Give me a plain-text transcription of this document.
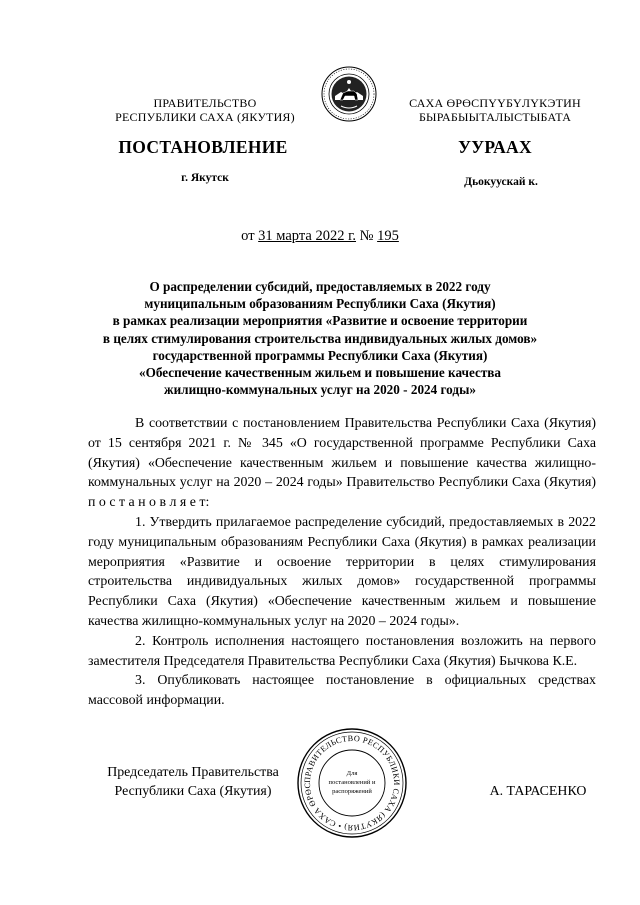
ПРАВИТЕЛЬСТВО
РЕСПУБЛИКИ САХА (ЯКУТИЯ)
САХА ӨРӨСПҮҮБҮЛҮКЭТИН
БЫРАБЫЫТАЛЫСТЫБАТА
ПОСТАНОВЛЕНИЕ	УУРААХ
г. Якутск	Дьокуускай к.
от 31 марта 2022 г. № 195
О распределении субсидий, предоставляемых в 2022 году
муниципальным образованиям Республики Саха (Якутия)
в рамках реализации мероприятия «Развитие и освоение территории
в целях стимулирования строительства индивидуальных жилых домов»
государственной программы Республики Саха (Якутия)
«Обеспечение качественным жильем и повышение качества
жилищно-коммунальных услуг на 2020 - 2024 годы»
В соответствии с постановлением Правительства Республики Саха (Якутия) от 15 сентября 2021 г. № 345 «О государственной программе Республики Саха (Якутия) «Обеспечение качественным жильем и повышение качества жилищно-коммунальных услуг на 2020 – 2024 годы» Правительство Республики Саха (Якутия) п о с т а н о в л я е т:
1. Утвердить прилагаемое распределение субсидий, предоставляемых в 2022 году муниципальным образованиям Республики Саха (Якутия) в рамках реализации мероприятия «Развитие и освоение территории в целях стимулирования строительства индивидуальных жилых домов» государственной программы Республики Саха (Якутия) «Обеспечение качественным жильем и повышение качества жилищно-коммунальных услуг на 2020 – 2024 годы».
2. Контроль исполнения настоящего постановления возложить на первого заместителя Председателя Правительства Республики Саха (Якутия) Бычкова К.Е.
3. Опубликовать настоящее постановление в официальных средствах массовой информации.
Председатель Правительства
Республики Саха (Якутия)	А. ТАРАСЕНКО
ПРАВИТЕЛЬСТВО РЕСПУБЛИКИ САХА (ЯКУТИЯ) • САХА ӨРӨС
Для
постановлений и
распоряжений
